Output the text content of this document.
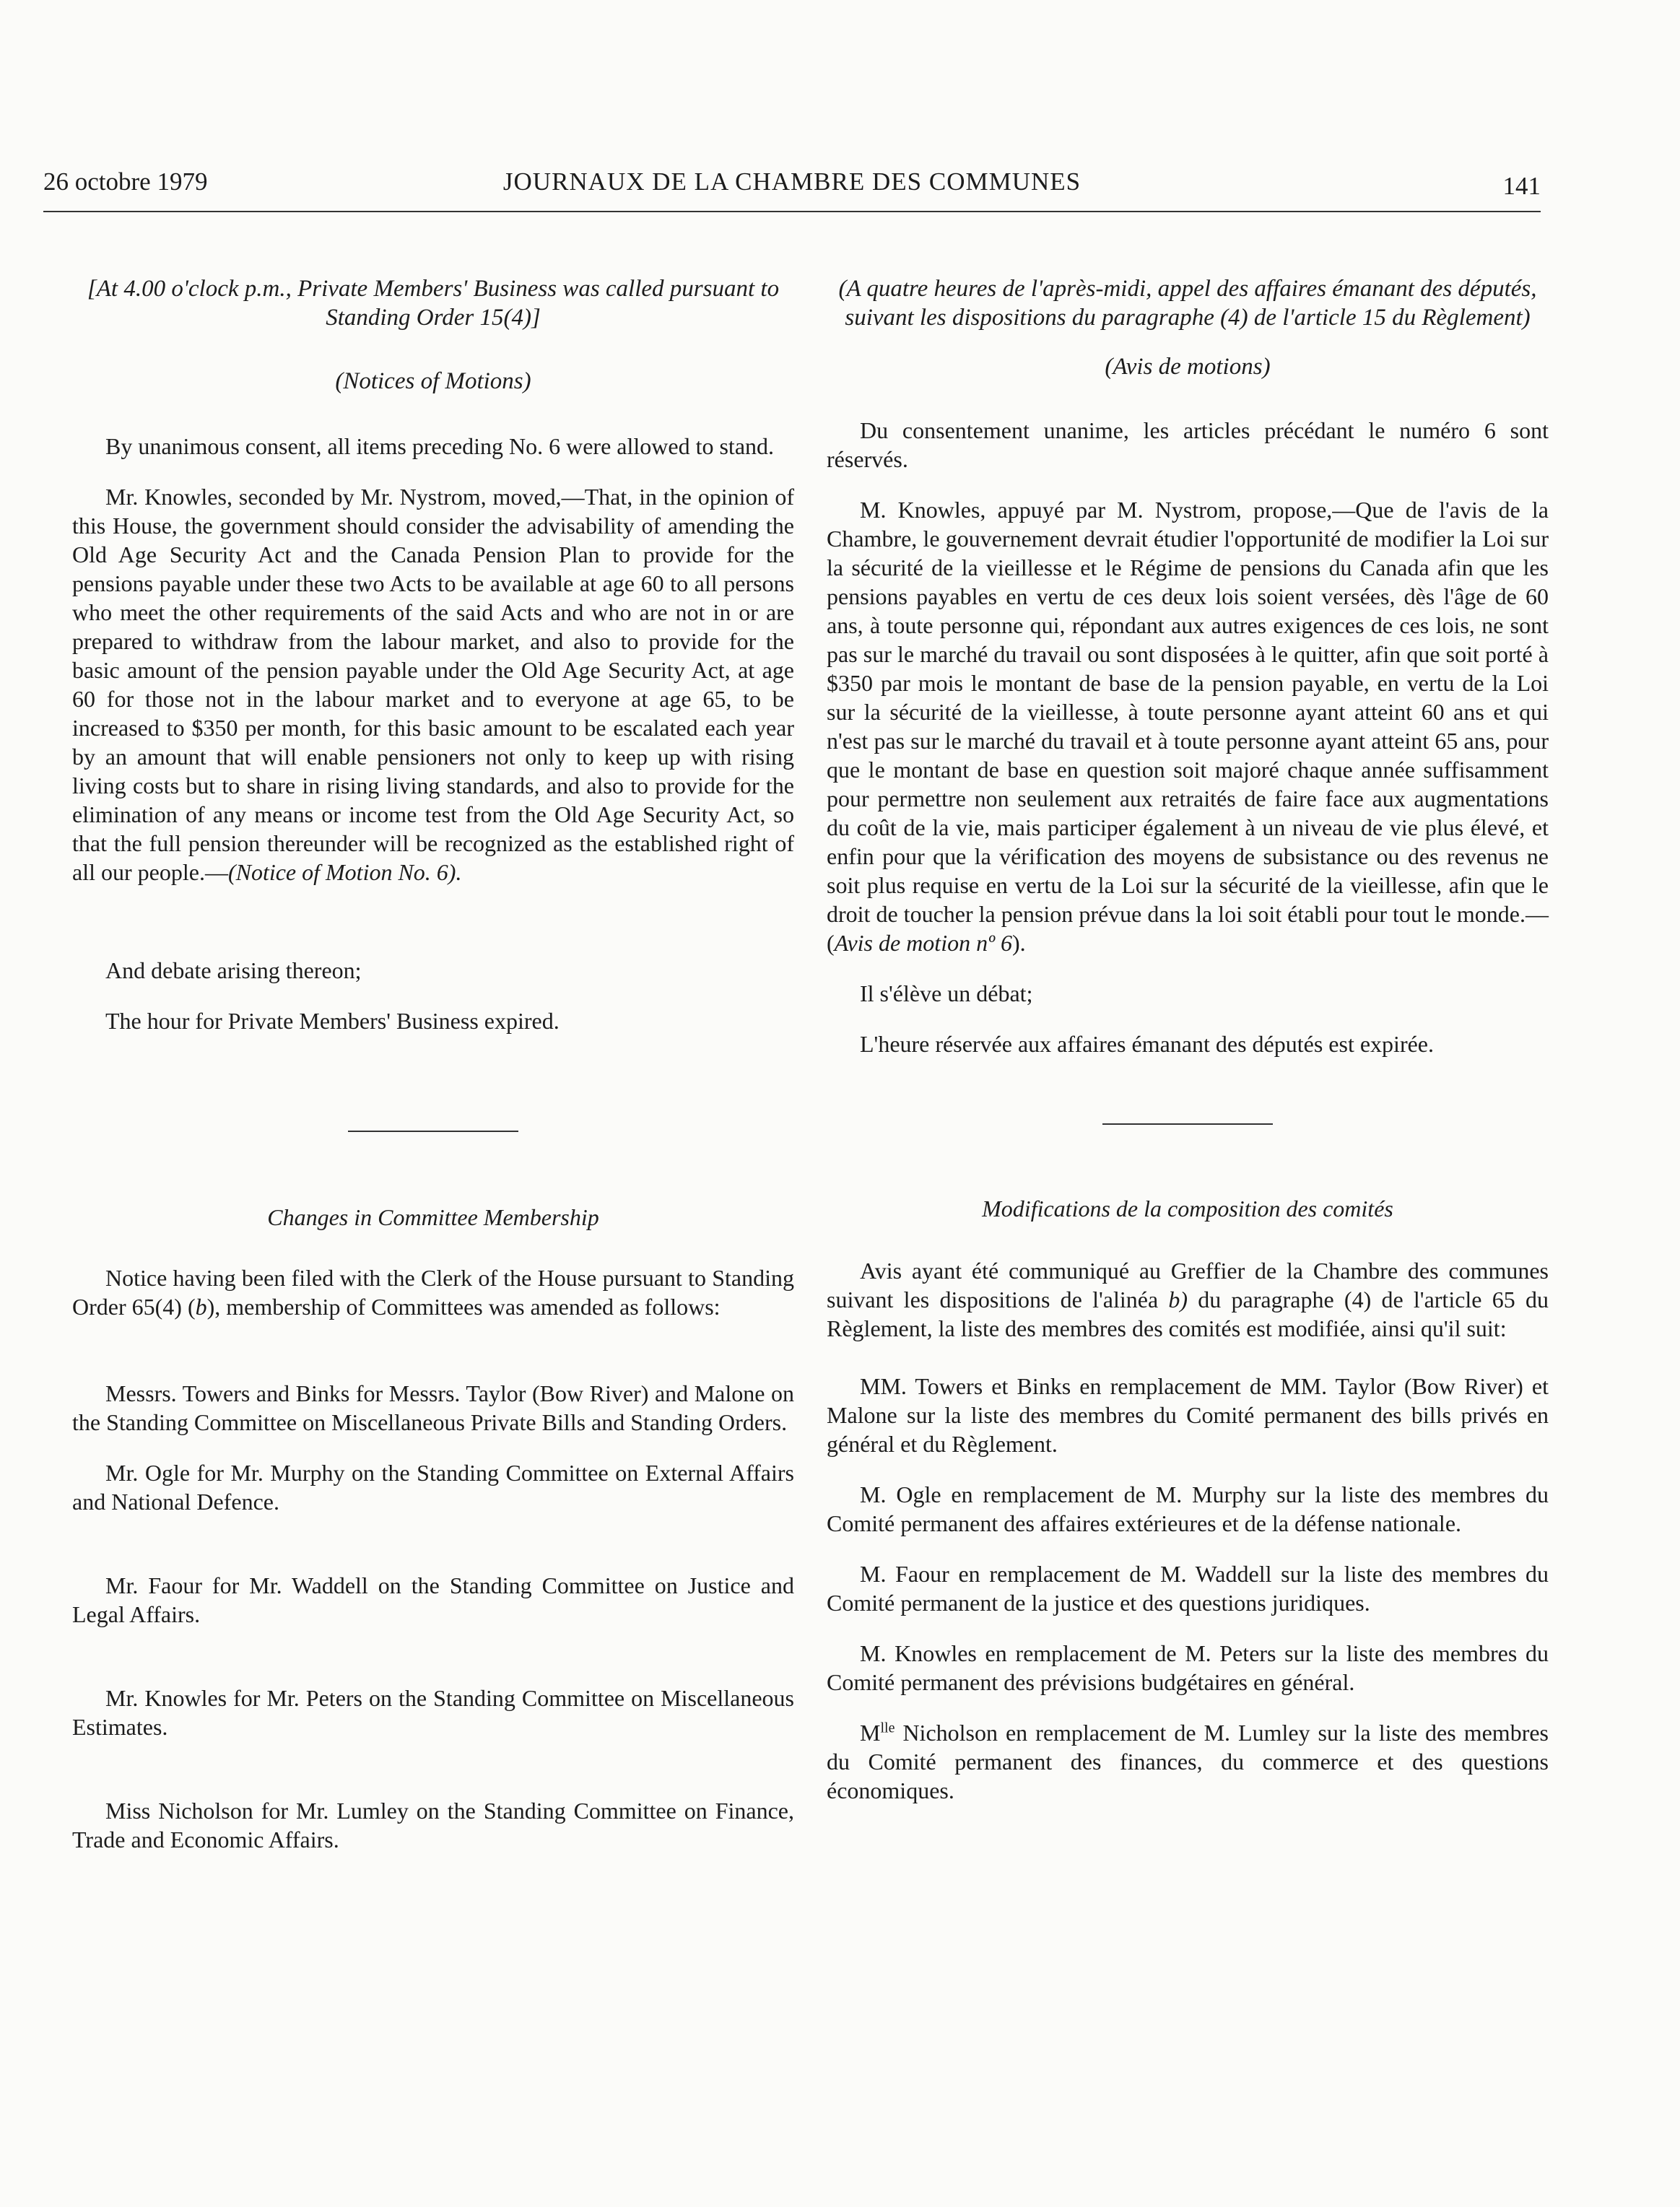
26 octobre 1979	JOURNAUX DE LA CHAMBRE DES COMMUNES	141

[At 4.00 o'clock p.m., Private Members' Business was called pursuant to Standing Order 15(4)]

(Notices of Motions)

By unanimous consent, all items preceding No. 6 were allowed to stand.

Mr. Knowles, seconded by Mr. Nystrom, moved,—That, in the opinion of this House, the government should consider the advisability of amending the Old Age Security Act and the Canada Pension Plan to provide for the pensions payable under these two Acts to be available at age 60 to all persons who meet the other requirements of the said Acts and who are not in or are prepared to withdraw from the labour market, and also to provide for the basic amount of the pension payable under the Old Age Security Act, at age 60 for those not in the labour market and to everyone at age 65, to be increased to $350 per month, for this basic amount to be escalated each year by an amount that will enable pensioners not only to keep up with rising living costs but to share in rising living standards, and also to provide for the elimination of any means or income test from the Old Age Security Act, so that the full pension thereunder will be recognized as the established right of all our people.—(Notice of Motion No. 6).

And debate arising thereon;

The hour for Private Members' Business expired.

Changes in Committee Membership

Notice having been filed with the Clerk of the House pursuant to Standing Order 65(4) (b), membership of Committees was amended as follows:

Messrs. Towers and Binks for Messrs. Taylor (Bow River) and Malone on the Standing Committee on Miscellaneous Private Bills and Standing Orders.

Mr. Ogle for Mr. Murphy on the Standing Committee on External Affairs and National Defence.

Mr. Faour for Mr. Waddell on the Standing Committee on Justice and Legal Affairs.

Mr. Knowles for Mr. Peters on the Standing Committee on Miscellaneous Estimates.

Miss Nicholson for Mr. Lumley on the Standing Committee on Finance, Trade and Economic Affairs.

(A quatre heures de l'après-midi, appel des affaires émanant des députés, suivant les dispositions du paragraphe (4) de l'article 15 du Règlement)

(Avis de motions)

Du consentement unanime, les articles précédant le numéro 6 sont réservés.

M. Knowles, appuyé par M. Nystrom, propose,—Que de l'avis de la Chambre, le gouvernement devrait étudier l'opportunité de modifier la Loi sur la sécurité de la vieillesse et le Régime de pensions du Canada afin que les pensions payables en vertu de ces deux lois soient versées, dès l'âge de 60 ans, à toute personne qui, répondant aux autres exigences de ces lois, ne sont pas sur le marché du travail ou sont disposées à le quitter, afin que soit porté à $350 par mois le montant de base de la pension payable, en vertu de la Loi sur la sécurité de la vieillesse, à toute personne ayant atteint 60 ans et qui n'est pas sur le marché du travail et à toute personne ayant atteint 65 ans, pour que le montant de base en question soit majoré chaque année suffisamment pour permettre non seulement aux retraités de faire face aux augmentations du coût de la vie, mais participer également à un niveau de vie plus élevé, et enfin pour que la vérification des moyens de subsistance ou des revenus ne soit plus requise en vertu de la Loi sur la sécurité de la vieillesse, afin que le droit de toucher la pension prévue dans la loi soit établi pour tout le monde.—(Avis de motion nº 6).

Il s'élève un débat;

L'heure réservée aux affaires émanant des députés est expirée.

Modifications de la composition des comités

Avis ayant été communiqué au Greffier de la Chambre des communes suivant les dispositions de l'alinéa b) du paragraphe (4) de l'article 65 du Règlement, la liste des membres des comités est modifiée, ainsi qu'il suit:

MM. Towers et Binks en remplacement de MM. Taylor (Bow River) et Malone sur la liste des membres du Comité permanent des bills privés en général et du Règlement.

M. Ogle en remplacement de M. Murphy sur la liste des membres du Comité permanent des affaires extérieures et de la défense nationale.

M. Faour en remplacement de M. Waddell sur la liste des membres du Comité permanent de la justice et des questions juridiques.

M. Knowles en remplacement de M. Peters sur la liste des membres du Comité permanent des prévisions budgétaires en général.

$M^{lle}$ Nicholson en remplacement de M. Lumley sur la liste des membres du Comité permanent des finances, du commerce et des questions économiques.
